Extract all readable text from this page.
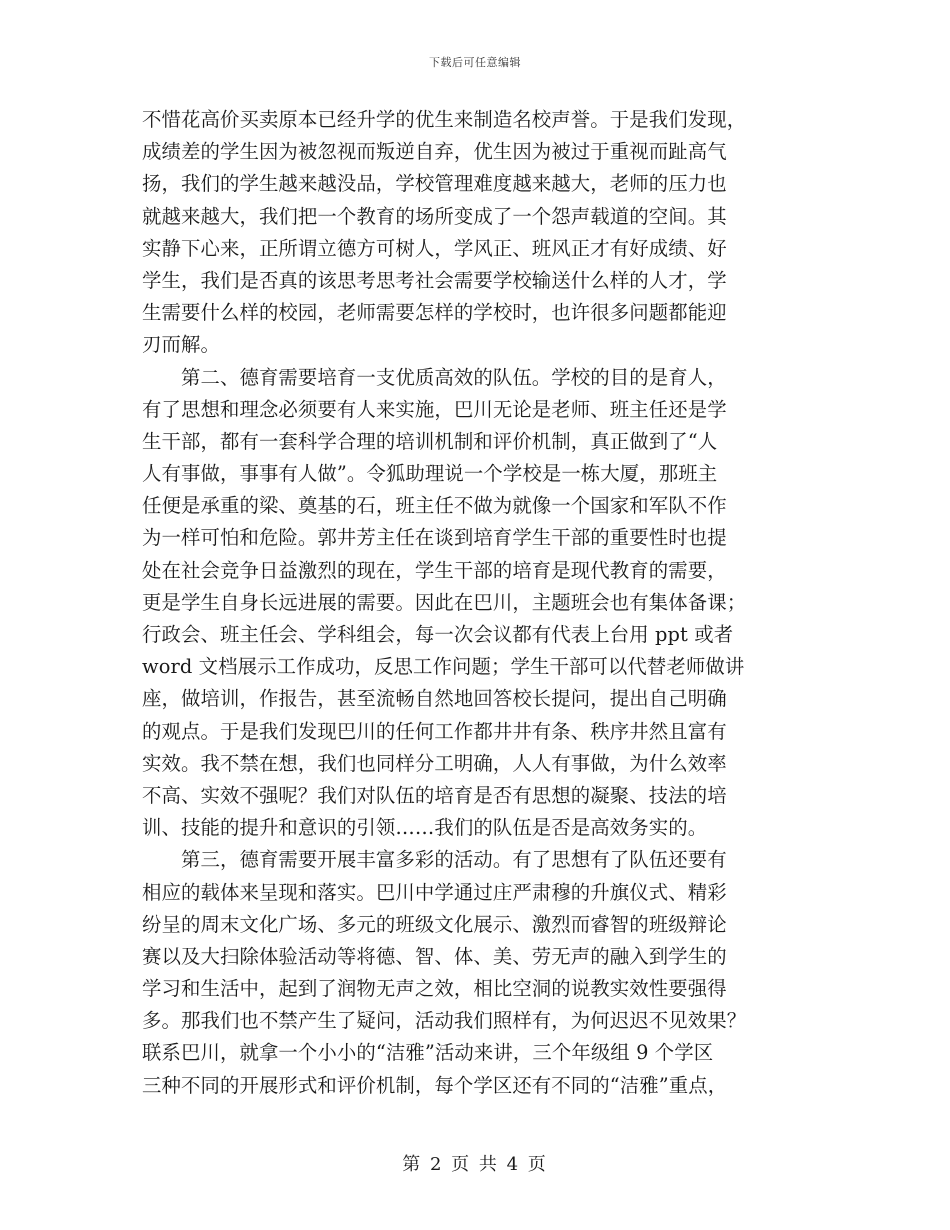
下载后可任意编辑
不惜花高价买卖原本已经升学的优生来制造名校声誉。于是我们发现，
成绩差的学生因为被忽视而叛逆自弃，优生因为被过于重视而趾高气
扬，我们的学生越来越没品，学校管理难度越来越大，老师的压力也
就越来越大，我们把一个教育的场所变成了一个怨声载道的空间。其
实静下心来，正所谓立德方可树人，学风正、班风正才有好成绩、好
学生，我们是否真的该思考思考社会需要学校输送什么样的人才，学
生需要什么样的校园，老师需要怎样的学校时，也许很多问题都能迎
刃而解。
　　第二、德育需要培育一支优质高效的队伍。学校的目的是育人，
有了思想和理念必须要有人来实施，巴川无论是老师、班主任还是学
生干部，都有一套科学合理的培训机制和评价机制，真正做到了“人
人有事做，事事有人做”。令狐助理说一个学校是一栋大厦，那班主
任便是承重的梁、奠基的石，班主任不做为就像一个国家和军队不作
为一样可怕和危险。郭井芳主任在谈到培育学生干部的重要性时也提
处在社会竞争日益激烈的现在，学生干部的培育是现代教育的需要，
更是学生自身长远进展的需要。因此在巴川，主题班会也有集体备课；
行政会、班主任会、学科组会，每一次会议都有代表上台用 ppt 或者
word 文档展示工作成功，反思工作问题；学生干部可以代替老师做讲
座，做培训，作报告，甚至流畅自然地回答校长提问，提出自己明确
的观点。于是我们发现巴川的任何工作都井井有条、秩序井然且富有
实效。我不禁在想，我们也同样分工明确，人人有事做，为什么效率
不高、实效不强呢？我们对队伍的培育是否有思想的凝聚、技法的培
训、技能的提升和意识的引领……我们的队伍是否是高效务实的。
　　第三，德育需要开展丰富多彩的活动。有了思想有了队伍还要有
相应的载体来呈现和落实。巴川中学通过庄严肃穆的升旗仪式、精彩
纷呈的周末文化广场、多元的班级文化展示、激烈而睿智的班级辩论
赛以及大扫除体验活动等将德、智、体、美、劳无声的融入到学生的
学习和生活中，起到了润物无声之效，相比空洞的说教实效性要强得
多。那我们也不禁产生了疑问，活动我们照样有，为何迟迟不见效果？
联系巴川，就拿一个小小的“洁雅”活动来讲，三个年级组 9 个学区
三种不同的开展形式和评价机制，每个学区还有不同的“洁雅”重点，
第 2 页 共 4 页
